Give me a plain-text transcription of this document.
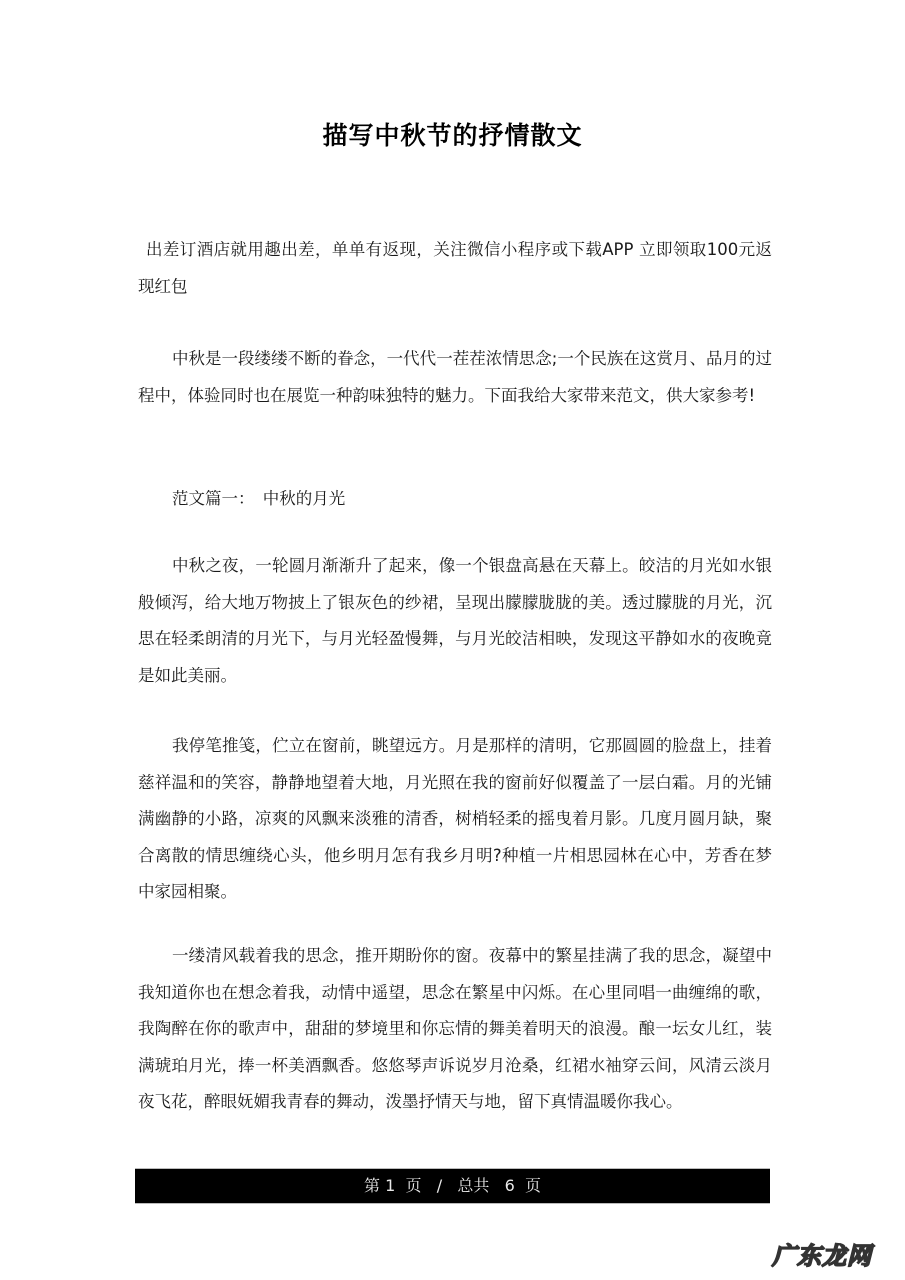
描写中秋节的抒情散文

出差订酒店就用趣出差，单单有返现，关注微信小程序或下载APP 立即领取100元返现红包

中秋是一段缕缕不断的眷念，一代代一茬茬浓情思念;一个民族在这赏月、品月的过程中，体验同时也在展览一种韵味独特的魅力。下面我给大家带来范文，供大家参考!

范文篇一：　中秋的月光

中秋之夜，一轮圆月渐渐升了起来，像一个银盘高悬在天幕上。皎洁的月光如水银般倾泻，给大地万物披上了银灰色的纱裙，呈现出朦朦胧胧的美。透过朦胧的月光，沉思在轻柔朗清的月光下，与月光轻盈慢舞，与月光皎洁相映，发现这平静如水的夜晚竟是如此美丽。

我停笔推笺，伫立在窗前，眺望远方。月是那样的清明，它那圆圆的脸盘上，挂着慈祥温和的笑容，静静地望着大地，月光照在我的窗前好似覆盖了一层白霜。月的光铺满幽静的小路，凉爽的风飘来淡雅的清香，树梢轻柔的摇曳着月影。几度月圆月缺，聚合离散的情思缠绕心头，他乡明月怎有我乡月明?种植一片相思园林在心中，芳香在梦中家园相聚。

一缕清风载着我的思念，推开期盼你的窗。夜幕中的繁星挂满了我的思念，凝望中我知道你也在想念着我，动情中遥望，思念在繁星中闪烁。在心里同唱一曲缠绵的歌，我陶醉在你的歌声中，甜甜的梦境里和你忘情的舞美着明天的浪漫。酿一坛女儿红，装满琥珀月光，捧一杯美酒飘香。悠悠琴声诉说岁月沧桑，红裙水袖穿云间，风清云淡月夜飞花，醉眼妩媚我青春的舞动，泼墨抒情天与地，留下真情温暖你我心。

第 1  页   /   总共   6  页
广东龙网
